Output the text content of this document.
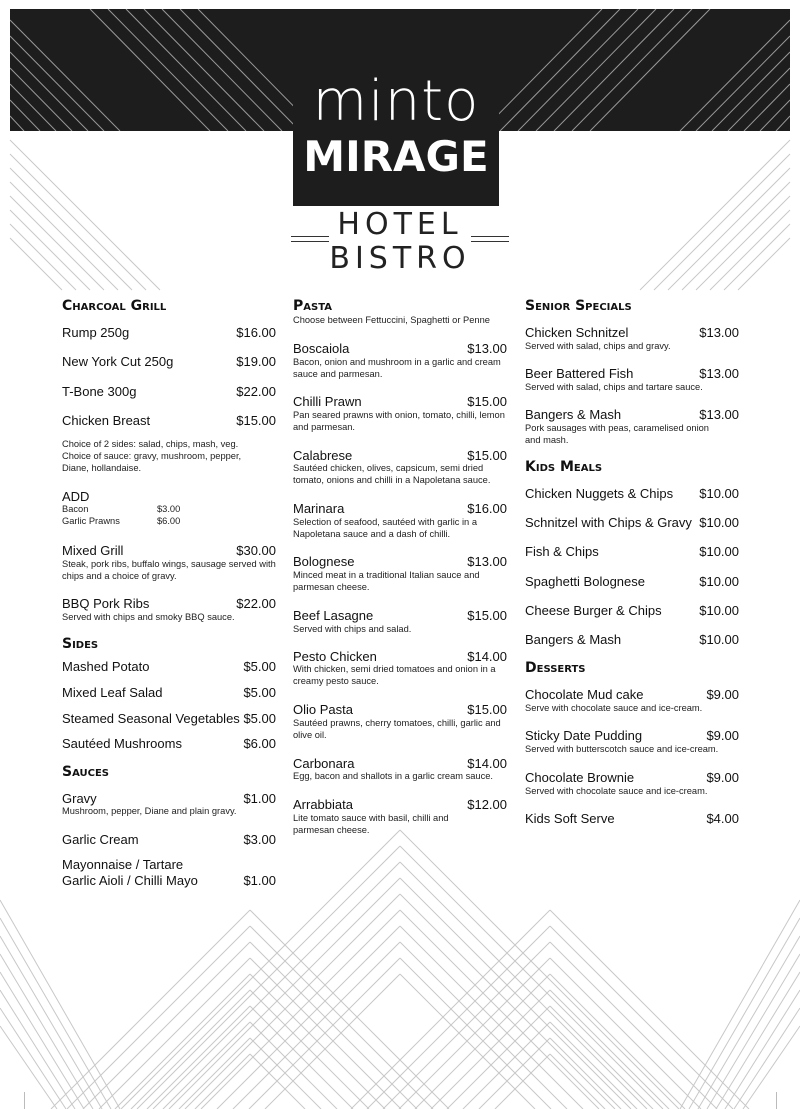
minto
MIRAGE
HOTEL
BISTRO
Charcoal Grill
Rump 250g	$16.00
New York Cut 250g	$19.00
T-Bone 300g	$22.00
Chicken Breast	$15.00
Choice of 2 sides: salad, chips, mash, veg. Choice of sauce: gravy, mushroom, pepper, Diane, hollandaise.
ADD
Bacon	$3.00
Garlic Prawns	$6.00
Mixed Grill	$30.00
Steak, pork ribs, buffalo wings, sausage served with chips and a choice of gravy.
BBQ Pork Ribs	$22.00
Served with chips and smoky BBQ sauce.
Sides
Mashed Potato	$5.00
Mixed Leaf Salad	$5.00
Steamed Seasonal Vegetables $5.00
Sautéed Mushrooms	$6.00
Sauces
Gravy	$1.00
Mushroom, pepper, Diane and plain gravy.
Garlic Cream	$3.00
Mayonnaise / Tartare
Garlic Aioli / Chilli Mayo	$1.00
Pasta
Choose between Fettuccini, Spaghetti or Penne
Boscaiola	$13.00
Bacon, onion and mushroom in a garlic and cream sauce and parmesan.
Chilli Prawn	$15.00
Pan seared prawns with onion, tomato, chilli, lemon and parmesan.
Calabrese	$15.00
Sautéed chicken, olives, capsicum, semi dried tomato, onions and chilli in a Napoletana sauce.
Marinara	$16.00
Selection of seafood, sautéed with garlic in a Napoletana sauce and a dash of chilli.
Bolognese	$13.00
Minced meat in a traditional Italian sauce and parmesan cheese.
Beef Lasagne	$15.00
Served with chips and salad.
Pesto Chicken	$14.00
With chicken, semi dried tomatoes and onion in a creamy pesto sauce.
Olio Pasta	$15.00
Sautéed prawns, cherry tomatoes, chilli, garlic and olive oil.
Carbonara	$14.00
Egg, bacon and shallots in a garlic cream sauce.
Arrabbiata	$12.00
Lite tomato sauce with basil, chilli and parmesan cheese.
Senior Specials
Chicken Schnitzel	$13.00
Served with salad, chips and gravy.
Beer Battered Fish	$13.00
Served with salad, chips and tartare sauce.
Bangers & Mash	$13.00
Pork sausages with peas, caramelised onion and mash.
Kids Meals
Chicken Nuggets & Chips $10.00
Schnitzel with Chips & Gravy $10.00
Fish & Chips	$10.00
Spaghetti Bolognese	$10.00
Cheese Burger & Chips	$10.00
Bangers & Mash	$10.00
Desserts
Chocolate Mud cake	$9.00
Serve with chocolate sauce and ice-cream.
Sticky Date Pudding	$9.00
Served with butterscotch sauce and ice-cream.
Chocolate Brownie	$9.00
Served with chocolate sauce and ice-cream.
Kids Soft Serve	$4.00
